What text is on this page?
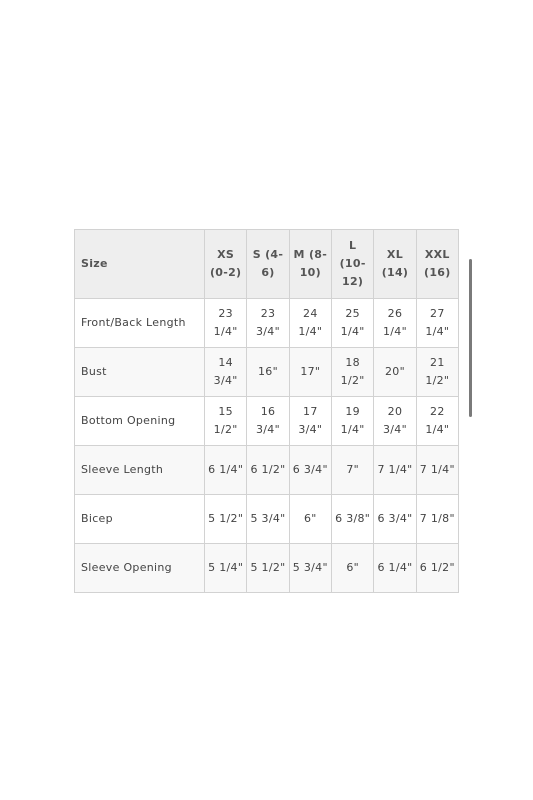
Size	XS (0-2)	S (4- 6)	M (8-10)	L (10-12)	XL (14)	XXL (16)
Front/Back Length	23 1/4"	23 3/4"	24 1/4"	25 1/4"	26 1/4"	27 1/4"
Bust	14 3/4"	16"	17"	18 1/2"	20"	21 1/2"
Bottom Opening	15 1/2"	16 3/4"	17 3/4"	19 1/4"	20 3/4"	22 1/4"
Sleeve Length	6 1/4"	6 1/2"	6 3/4"	7"	7 1/4"	7 1/4"
Bicep	5 1/2"	5 3/4"	6"	6 3/8"	6 3/4"	7 1/8"
Sleeve Opening	5 1/4"	5 1/2"	5 3/4"	6"	6 1/4"	6 1/2"
